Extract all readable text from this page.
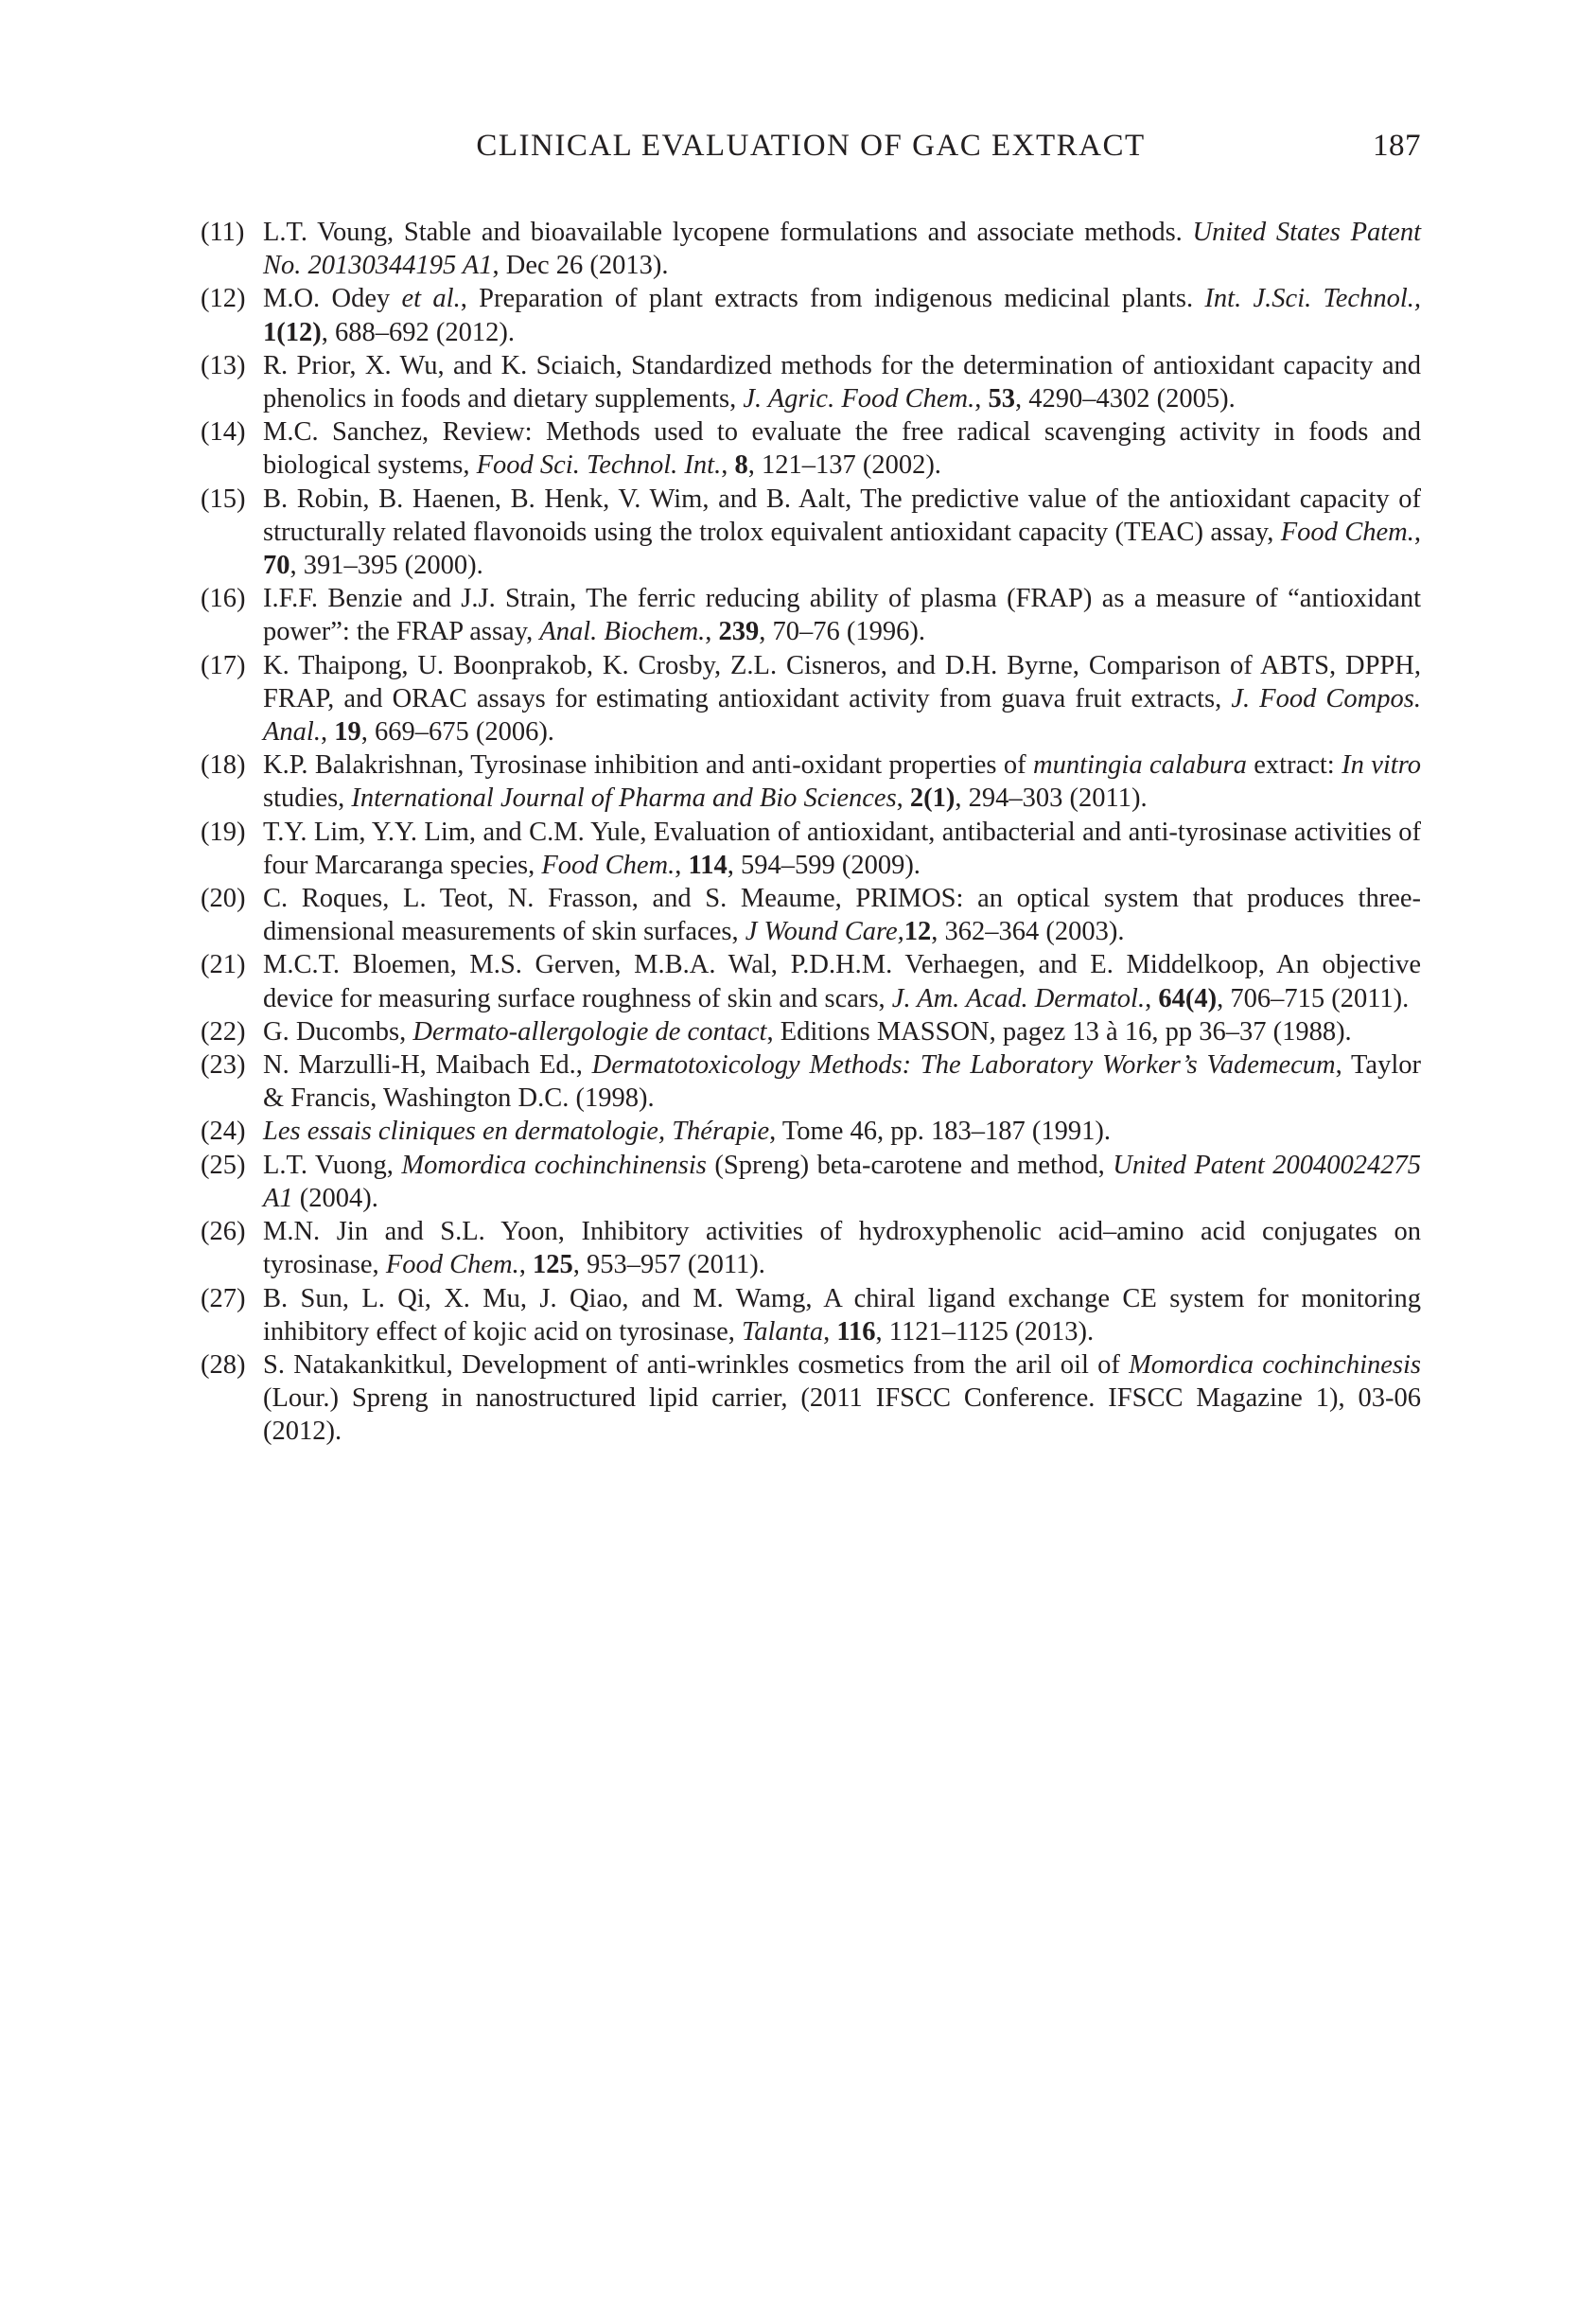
CLINICAL EVALUATION OF GAC EXTRACT	187
(11) L.T. Voung, Stable and bioavailable lycopene formulations and associate methods. United States Patent No. 20130344195 A1, Dec 26 (2013).
(12) M.O. Odey et al., Preparation of plant extracts from indigenous medicinal plants. Int. J.Sci. Technol., 1(12), 688–692 (2012).
(13) R. Prior, X. Wu, and K. Sciaich, Standardized methods for the determination of antioxidant capacity and phenolics in foods and dietary supplements, J. Agric. Food Chem., 53, 4290–4302 (2005).
(14) M.C. Sanchez, Review: Methods used to evaluate the free radical scavenging activity in foods and biological systems, Food Sci. Technol. Int., 8, 121–137 (2002).
(15) B. Robin, B. Haenen, B. Henk, V. Wim, and B. Aalt, The predictive value of the antioxidant capacity of structurally related flavonoids using the trolox equivalent antioxidant capacity (TEAC) assay, Food Chem., 70, 391–395 (2000).
(16) I.F.F. Benzie and J.J. Strain, The ferric reducing ability of plasma (FRAP) as a measure of “antioxidant power”: the FRAP assay, Anal. Biochem., 239, 70–76 (1996).
(17) K. Thaipong, U. Boonprakob, K. Crosby, Z.L. Cisneros, and D.H. Byrne, Comparison of ABTS, DPPH, FRAP, and ORAC assays for estimating antioxidant activity from guava fruit extracts, J. Food Compos. Anal., 19, 669–675 (2006).
(18) K.P. Balakrishnan, Tyrosinase inhibition and anti-oxidant properties of muntingia calabura extract: In vitro studies, International Journal of Pharma and Bio Sciences, 2(1), 294–303 (2011).
(19) T.Y. Lim, Y.Y. Lim, and C.M. Yule, Evaluation of antioxidant, antibacterial and anti-tyrosinase activities of four Marcaranga species, Food Chem., 114, 594–599 (2009).
(20) C. Roques, L. Teot, N. Frasson, and S. Meaume, PRIMOS: an optical system that produces three-dimensional measurements of skin surfaces, J Wound Care,12, 362–364 (2003).
(21) M.C.T. Bloemen, M.S. Gerven, M.B.A. Wal, P.D.H.M. Verhaegen, and E. Middelkoop, An objective device for measuring surface roughness of skin and scars, J. Am. Acad. Dermatol., 64(4), 706–715 (2011).
(22) G. Ducombs, Dermato-allergologie de contact, Editions MASSON, pagez 13 à 16, pp 36–37 (1988).
(23) N. Marzulli-H, Maibach Ed., Dermatotoxicology Methods: The Laboratory Worker’s Vademecum, Taylor & Francis, Washington D.C. (1998).
(24) Les essais cliniques en dermatologie, Thérapie, Tome 46, pp. 183–187 (1991).
(25) L.T. Vuong, Momordica cochinchinensis (Spreng) beta-carotene and method, United Patent 20040024275 A1 (2004).
(26) M.N. Jin and S.L. Yoon, Inhibitory activities of hydroxyphenolic acid–amino acid conjugates on tyrosinase, Food Chem., 125, 953–957 (2011).
(27) B. Sun, L. Qi, X. Mu, J. Qiao, and M. Wamg, A chiral ligand exchange CE system for monitoring inhibitory effect of kojic acid on tyrosinase, Talanta, 116, 1121–1125 (2013).
(28) S. Natakankitkul, Development of anti-wrinkles cosmetics from the aril oil of Momordica cochinchinesis (Lour.) Spreng in nanostructured lipid carrier, (2011 IFSCC Conference. IFSCC Magazine 1), 03-06 (2012).
